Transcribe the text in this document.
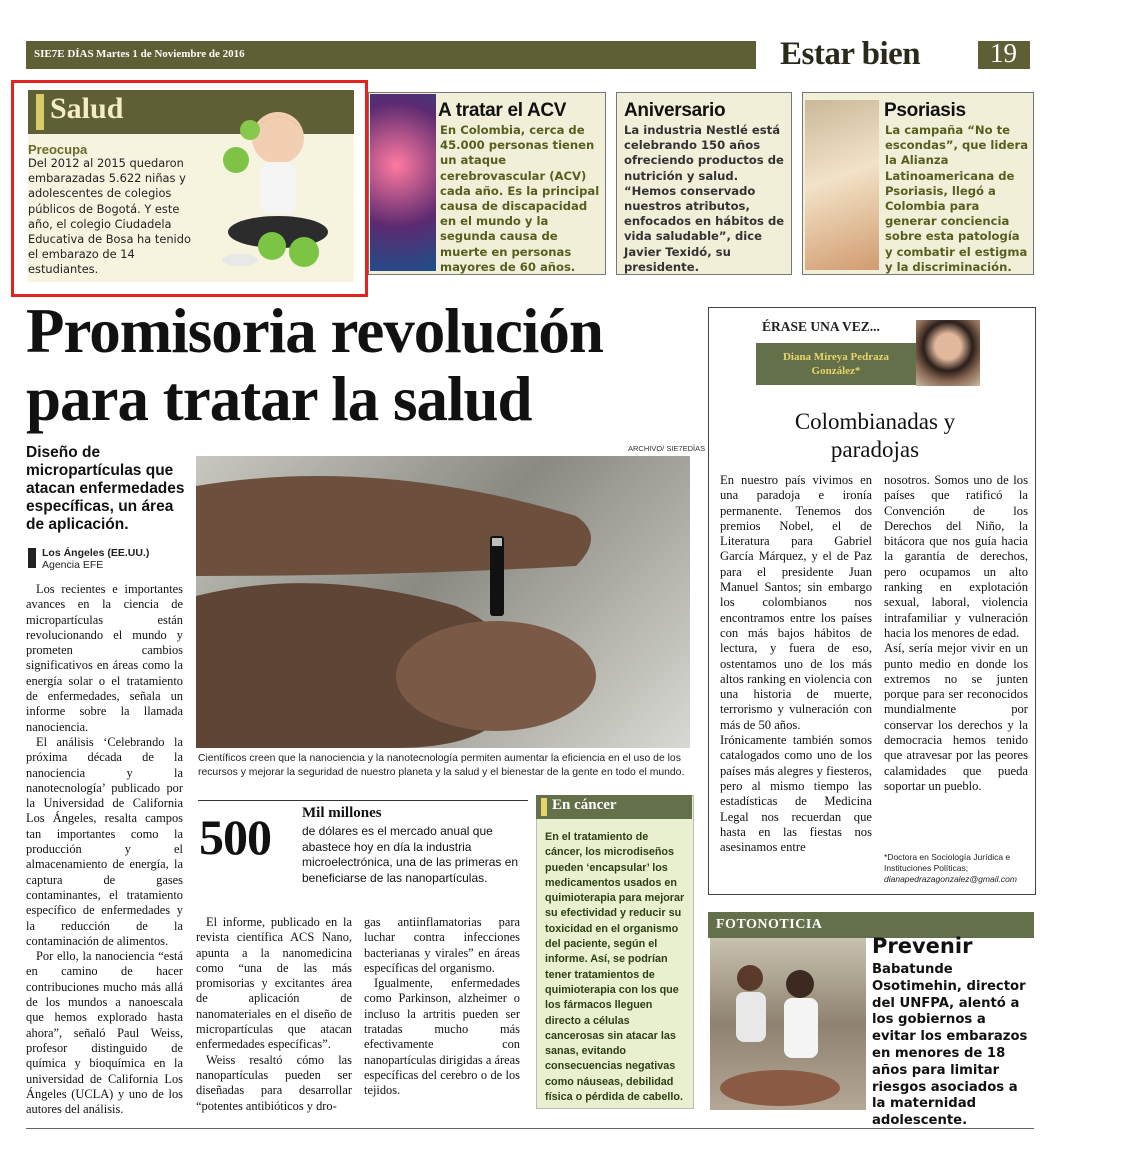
SIE7E DÍAS Martes 1 de Noviembre de 2016	Estar bien	19
Salud
Preocupa
Del 2012 al 2015 quedaron embarazadas 5.622 niñas y adolescentes de colegios públicos de Bogotá. Y este año, el colegio Ciudadela Educativa de Bosa ha tenido el embarazo de 14 estudiantes.
A tratar el ACV
En Colombia, cerca de 45.000 personas tienen un ataque cerebrovascular (ACV) cada año. Es la principal causa de discapacidad en el mundo y la segunda causa de muerte en personas mayores de 60 años.
Aniversario
La industria Nestlé está celebrando 150 años ofreciendo productos de nutrición y salud. “Hemos conservado nuestros atributos, enfocados en hábitos de vida saludable”, dice Javier Texidó, su presidente.
Psoriasis
La campaña “No te escondas”, que lidera la Alianza Latinoamericana de Psoriasis, llegó a Colombia para generar conciencia sobre esta patología y combatir el estigma y la discriminación.
Promisoria revolución
para tratar la salud
Diseño de micropartículas que atacan enfermedades específicas, un área de aplicación.
Los Ángeles (EE.UU.)
Agencia EFE

Los recientes e importantes avances en la ciencia de micropartículas están revolucionando el mundo y prometen cambios significativos en áreas como la energía solar o el tratamiento de enfermedades, señala un informe sobre la llamada nanociencia.

El análisis ‘Celebrando la próxima década de la nanociencia y la nanotecnología’ publicado por la Universidad de California Los Ángeles, resalta campos tan importantes como la producción y el almacenamiento de energía, la captura de gases contaminantes, el tratamiento específico de enfermedades y la reducción de la contaminación de alimentos.

Por ello, la nanociencia “está en camino de hacer contribuciones mucho más allá de los mundos a nanoescala que hemos explorado hasta ahora”, señaló Paul Weiss, profesor distinguido de química y bioquímica en la universidad de California Los Ángeles (UCLA) y uno de los autores del análisis.

ARCHIVO/ SIE7EDÍAS
Científicos creen que la nanociencia y la nanotecnología permiten aumentar la eficiencia en el uso de los recursos y mejorar la seguridad de nuestro planeta y la salud y el bienestar de la gente en todo el mundo.
500 Mil millones
de dólares es el mercado anual que abastece hoy en día la industria microelectrónica, una de las primeras en beneficiarse de las nanopartículas.

El informe, publicado en la revista científica ACS Nano, apunta a la nanomedicina como “una de las más promisorias y excitantes área de aplicación de nanomateriales en el diseño de micropartículas que atacan enfermedades específicas”.

Weiss resaltó cómo las nanopartículas pueden ser diseñadas para desarrollar “potentes antibióticos y dro-

gas antiinflamatorias para luchar contra infecciones bacterianas y virales” en áreas específicas del organismo.

Igualmente, enfermedades como Parkinson, alzheimer o incluso la artritis pueden ser tratadas mucho más efectivamente con nanopartículas dirigidas a áreas específicas del cerebro o de los tejidos.

En cáncer
En el tratamiento de cáncer, los microdiseños pueden ‘encapsular’ los medicamentos usados en quimioterapia para mejorar su efectividad y reducir su toxicidad en el organismo del paciente, según el informe. Así, se podrían tener tratamientos de quimioterapia con los que los fármacos lleguen directo a células cancerosas sin atacar las sanas, evitando consecuencias negativas como náuseas, debilidad física o pérdida de cabello.
ÉRASE UNA VEZ...
Diana Mireya Pedraza González*
Colombianadas y
paradojas

En nuestro país vivimos en una paradoja e ironía permanente. Tenemos dos premios Nobel, el de Literatura para Gabriel García Márquez, y el de Paz para el presidente Juan Manuel Santos; sin embargo los colombianos nos encontramos entre los países con más bajos hábitos de lectura, y fuera de eso, ostentamos uno de los más altos ranking en violencia con una historia de muerte, terrorismo y vulneración con más de 50 años.

Irónicamente también somos catalogados como uno de los países más alegres y fiesteros, pero al mismo tiempo las estadísticas de Medicina Legal nos recuerdan que hasta en las fiestas nos asesinamos entre

nosotros. Somos uno de los países que ratificó la Convención de los Derechos del Niño, la bitácora que nos guía hacia la garantía de derechos, pero ocupamos un alto ranking en explotación sexual, laboral, violencia intrafamiliar y vulneración hacia los menores de edad.

Así, sería mejor vivir en un punto medio en donde los extremos no se junten porque para ser reconocidos mundialmente por conservar los derechos y la democracia hemos tenido que atravesar por las peores calamidades que pueda soportar un pueblo.

*Doctora en Sociología Jurídica e Instituciones Políticas;
dianapedrazagonzalez@gmail.com
FOTONOTICIA
Prevenir
Babatunde Osotimehin, director del UNFPA, alentó a los gobiernos a evitar los embarazos en menores de 18 años para limitar riesgos asociados a la maternidad adolescente.
